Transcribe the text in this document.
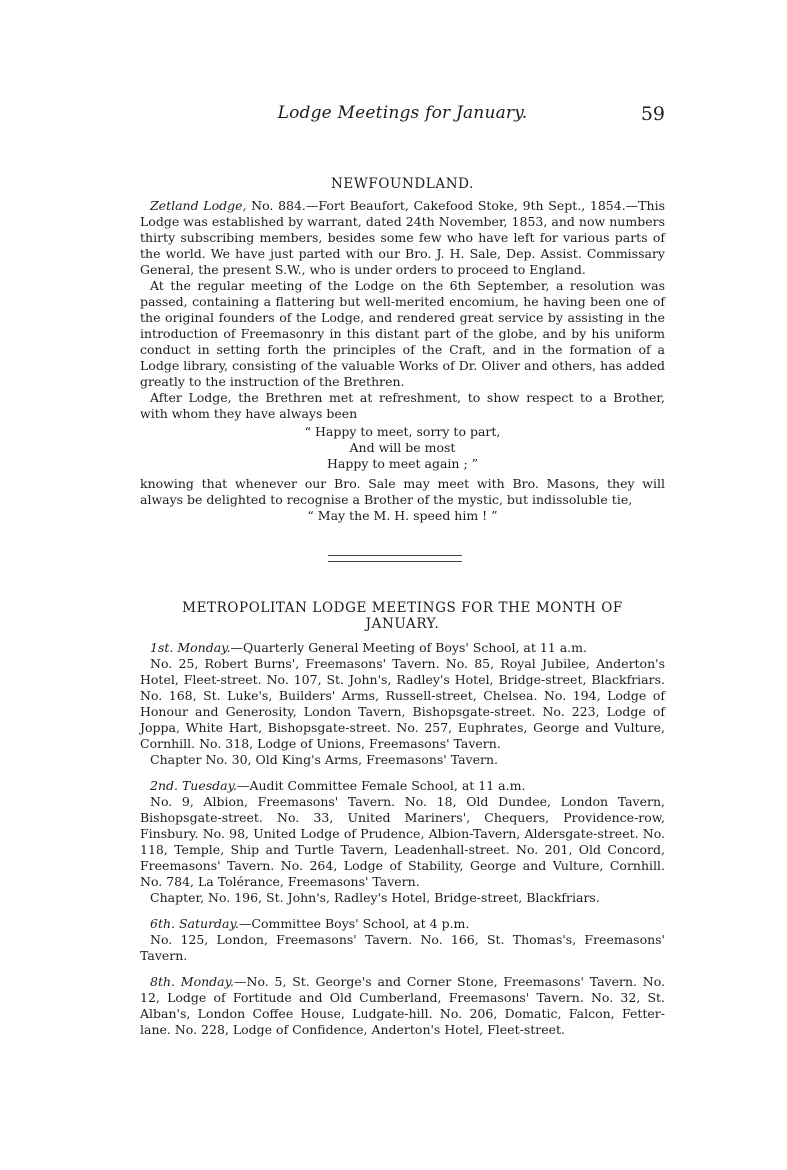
Lodge Meetings for January.	59

NEWFOUNDLAND.

Zetland Lodge, No. 884.—Fort Beaufort, Cakefood Stoke, 9th Sept., 1854.—This Lodge was established by warrant, dated 24th November, 1853, and now numbers thirty subscribing members, besides some few who have left for various parts of the world. We have just parted with our Bro. J. H. Sale, Dep. Assist. Commissary General, the present S.W., who is under orders to proceed to England.

At the regular meeting of the Lodge on the 6th September, a resolution was passed, containing a flattering but well-merited encomium, he having been one of the original founders of the Lodge, and rendered great service by assisting in the introduction of Freemasonry in this distant part of the globe, and by his uniform conduct in setting forth the principles of the Craft, and in the formation of a Lodge library, consisting of the valuable Works of Dr. Oliver and others, has added greatly to the instruction of the Brethren.

After Lodge, the Brethren met at refreshment, to show respect to a Brother, with whom they have always been

“ Happy to meet, sorry to part,
And will be most
Happy to meet again ; ”

knowing that whenever our Bro. Sale may meet with Bro. Masons, they will always be delighted to recognise a Brother of the mystic, but indissoluble tie,

“ May the M. H. speed him ! ”

METROPOLITAN LODGE MEETINGS FOR THE MONTH OF
JANUARY.

1st. Monday.—Quarterly General Meeting of Boys' School, at 11 a.m.

No. 25, Robert Burns', Freemasons' Tavern. No. 85, Royal Jubilee, Anderton's Hotel, Fleet-street. No. 107, St. John's, Radley's Hotel, Bridge-street, Blackfriars. No. 168, St. Luke's, Builders' Arms, Russell-street, Chelsea. No. 194, Lodge of Honour and Generosity, London Tavern, Bishopsgate-street. No. 223, Lodge of Joppa, White Hart, Bishopsgate-street. No. 257, Euphrates, George and Vulture, Cornhill. No. 318, Lodge of Unions, Freemasons' Tavern.

Chapter No. 30, Old King's Arms, Freemasons' Tavern.

2nd. Tuesday.—Audit Committee Female School, at 11 a.m.

No. 9, Albion, Freemasons' Tavern. No. 18, Old Dundee, London Tavern, Bishopsgate-street. No. 33, United Mariners', Chequers, Providence-row, Finsbury. No. 98, United Lodge of Prudence, Albion-Tavern, Aldersgate-street. No. 118, Temple, Ship and Turtle Tavern, Leadenhall-street. No. 201, Old Concord, Freemasons' Tavern. No. 264, Lodge of Stability, George and Vulture, Cornhill. No. 784, La Tolérance, Freemasons' Tavern.

Chapter, No. 196, St. John's, Radley's Hotel, Bridge-street, Blackfriars.

6th. Saturday.—Committee Boys' School, at 4 p.m.

No. 125, London, Freemasons' Tavern. No. 166, St. Thomas's, Freemasons' Tavern.

8th. Monday.—No. 5, St. George's and Corner Stone, Freemasons' Tavern. No. 12, Lodge of Fortitude and Old Cumberland, Freemasons' Tavern. No. 32, St. Alban's, London Coffee House, Ludgate-hill. No. 206, Domatic, Falcon, Fetter-lane. No. 228, Lodge of Confidence, Anderton's Hotel, Fleet-street.
